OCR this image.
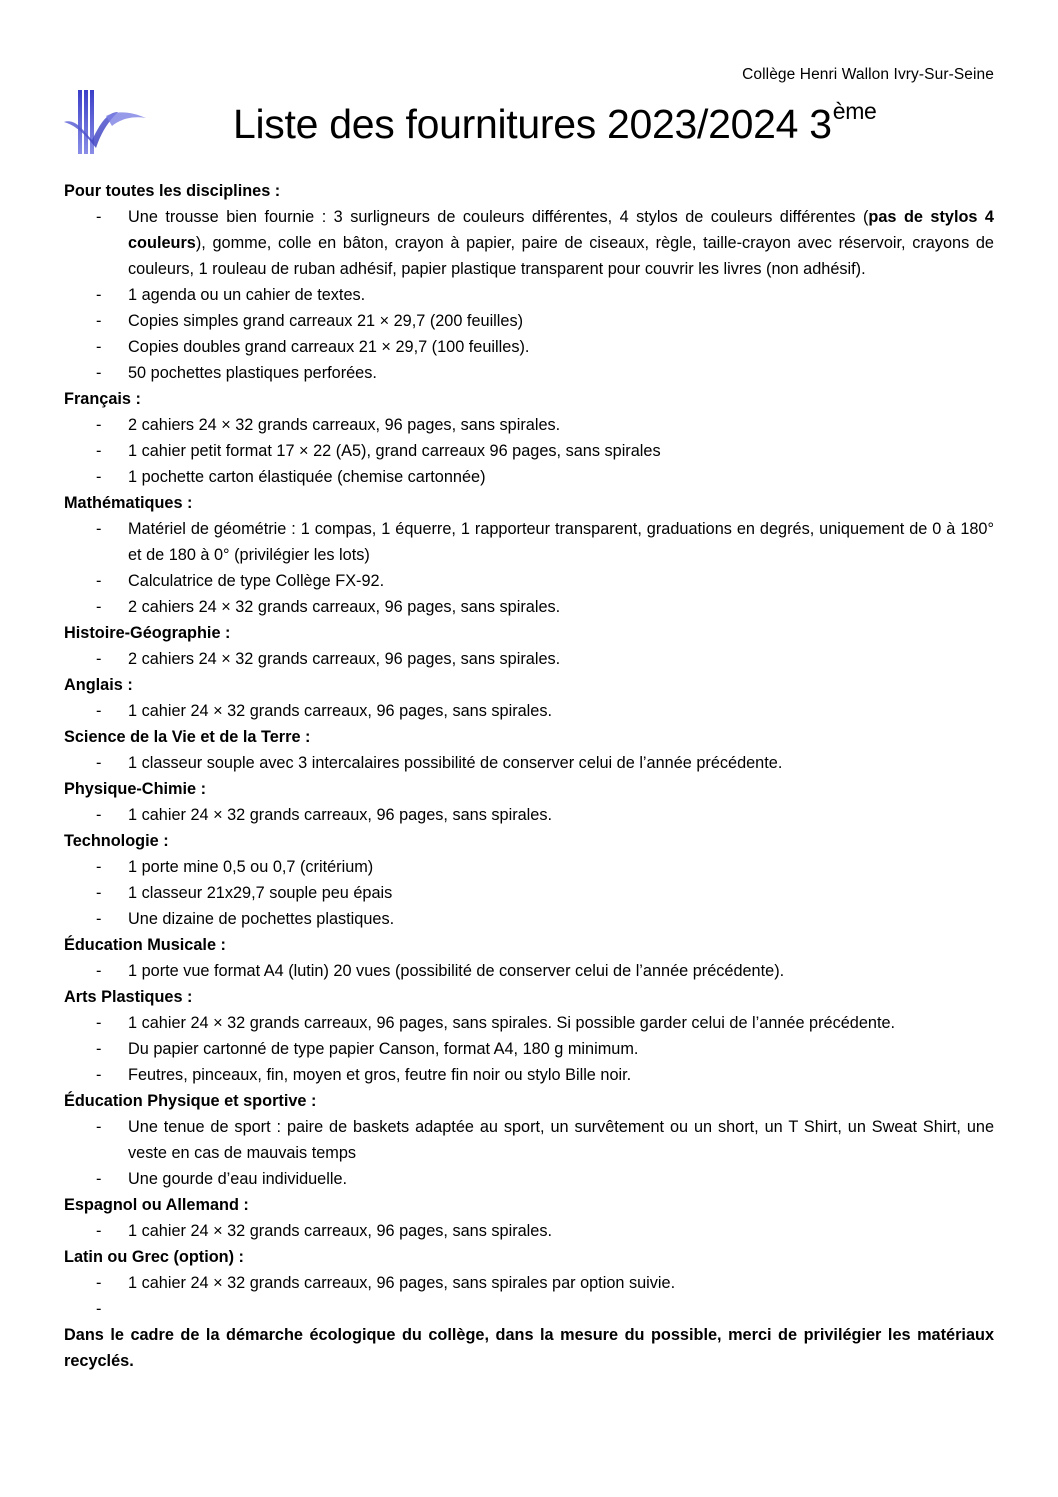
Collège Henri Wallon Ivry-Sur-Seine
Liste des fournitures 2023/2024 3ème
Pour toutes les disciplines :
- Une trousse bien fournie : 3 surligneurs de couleurs différentes, 4 stylos de couleurs différentes (pas de stylos 4 couleurs), gomme, colle en bâton, crayon à papier, paire de ciseaux, règle, taille-crayon avec réservoir, crayons de couleurs, 1 rouleau de ruban adhésif, papier plastique transparent pour couvrir les livres (non adhésif).
- 1 agenda ou un cahier de textes.
- Copies simples grand carreaux 21 × 29,7 (200 feuilles)
- Copies doubles grand carreaux 21 × 29,7 (100 feuilles).
- 50 pochettes plastiques perforées.
Français :
- 2 cahiers 24 × 32 grands carreaux, 96 pages, sans spirales.
- 1 cahier petit format 17 × 22 (A5), grand carreaux 96 pages, sans spirales
- 1 pochette carton élastiquée (chemise cartonnée)
Mathématiques :
- Matériel de géométrie : 1 compas, 1 équerre, 1 rapporteur transparent, graduations en degrés, uniquement de 0 à 180° et de 180 à 0° (privilégier les lots)
- Calculatrice de type Collège FX-92.
- 2 cahiers 24 × 32 grands carreaux, 96 pages, sans spirales.
Histoire-Géographie :
- 2 cahiers 24 × 32 grands carreaux, 96 pages, sans spirales.
Anglais :
- 1 cahier 24 × 32 grands carreaux, 96 pages, sans spirales.
Science de la Vie et de la Terre :
- 1 classeur souple avec 3 intercalaires possibilité de conserver celui de l’année précédente.
Physique-Chimie :
- 1 cahier 24 × 32 grands carreaux, 96 pages, sans spirales.
Technologie :
- 1 porte mine 0,5 ou 0,7 (critérium)
- 1 classeur 21x29,7 souple peu épais
- Une dizaine de pochettes plastiques.
Éducation Musicale :
- 1 porte vue format A4 (lutin) 20 vues (possibilité de conserver celui de l’année précédente).
Arts Plastiques :
- 1 cahier 24 × 32 grands carreaux, 96 pages, sans spirales. Si possible garder celui de l’année précédente.
- Du papier cartonné de type papier Canson, format A4, 180 g minimum.
- Feutres, pinceaux, fin, moyen et gros, feutre fin noir ou stylo Bille noir.
Éducation Physique et sportive :
- Une tenue de sport : paire de baskets adaptée au sport, un survêtement ou un short, un T Shirt, un Sweat Shirt, une veste en cas de mauvais temps
- Une gourde d’eau individuelle.
Espagnol ou Allemand :
- 1 cahier 24 × 32 grands carreaux, 96 pages, sans spirales.
Latin ou Grec (option) :
- 1 cahier 24 × 32 grands carreaux, 96 pages, sans spirales par option suivie.
-
Dans le cadre de la démarche écologique du collège, dans la mesure du possible, merci de privilégier les matériaux recyclés.
